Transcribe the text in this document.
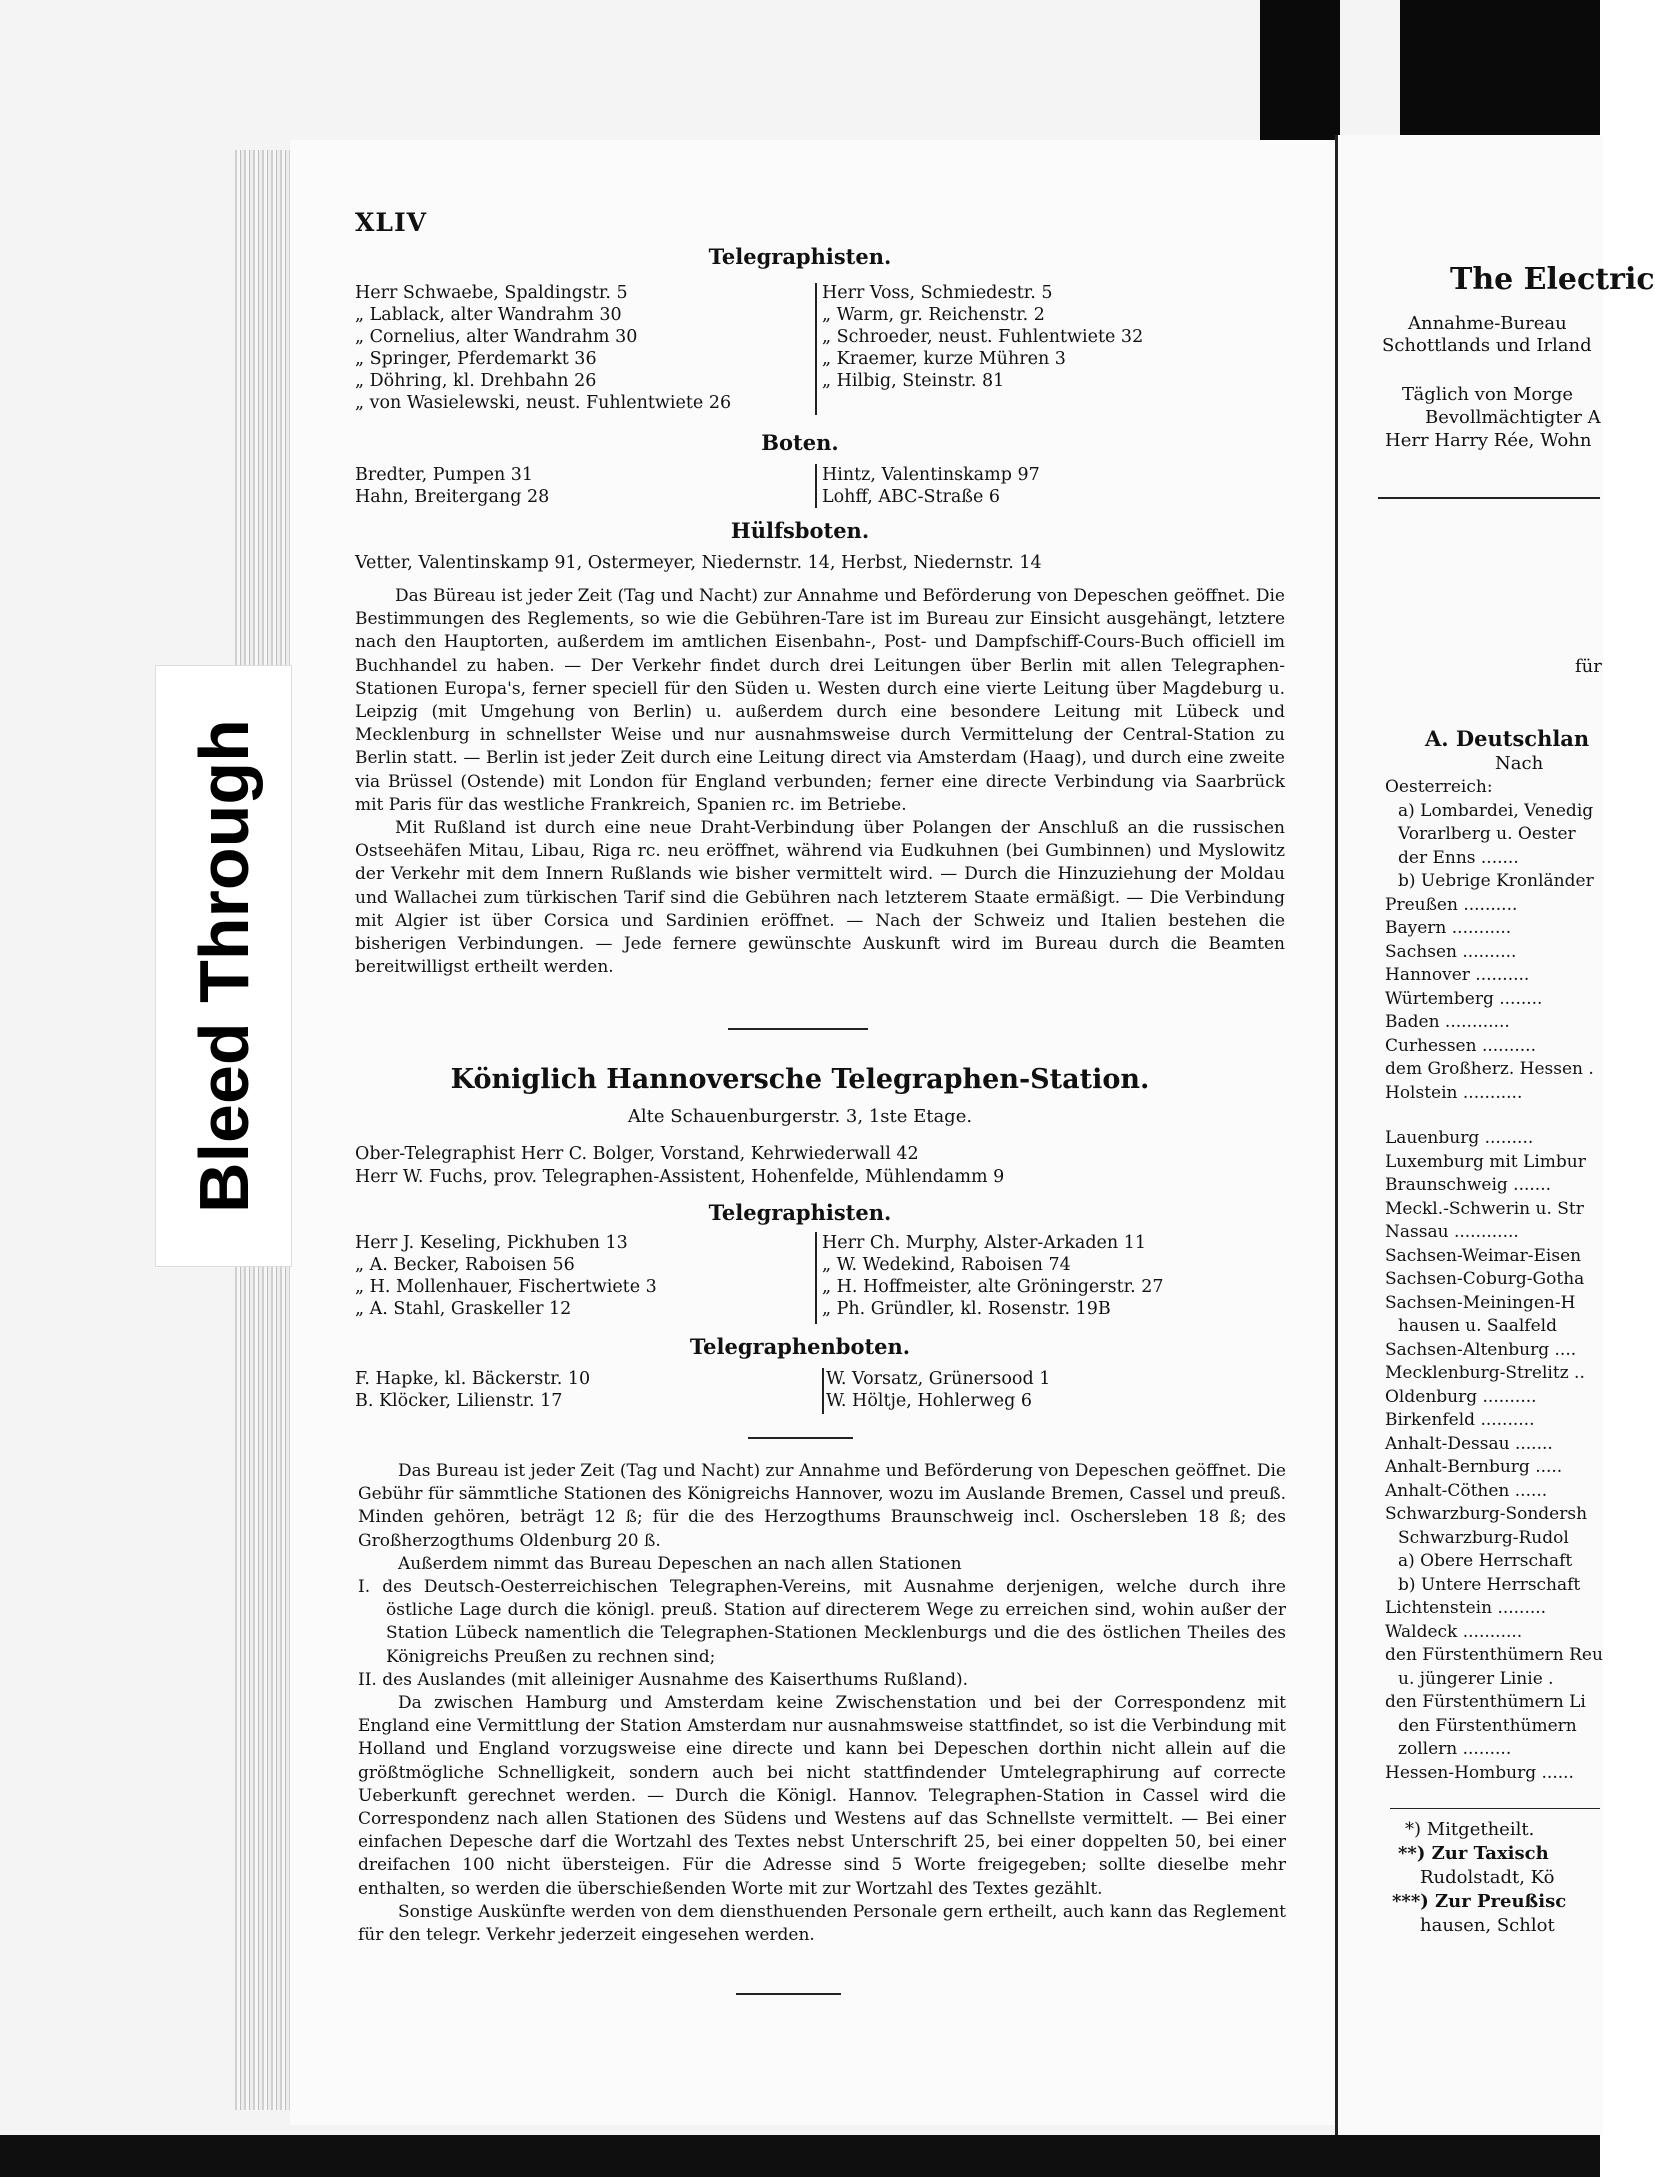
XLIV
Telegraphisten.
Herr Schwaebe, Spaldingstr. 5
„ Lablack, alter Wandrahm 30
„ Cornelius, alter Wandrahm 30
„ Springer, Pferdemarkt 36
„ Döhring, kl. Drehbahn 26
„ von Wasielewski, neust. Fuhlentwiete 26
Herr Voss, Schmiedestr. 5
„ Warm, gr. Reichenstr. 2
„ Schroeder, neust. Fuhlentwiete 32
„ Kraemer, kurze Mühren 3
„ Hilbig, Steinstr. 81
Boten.
Bredter, Pumpen 31
Hahn, Breitergang 28
Hintz, Valentinskamp 97
Lohff, ABC-Straße 6
Hülfsboten.
Vetter, Valentinskamp 91, Ostermeyer, Niedernstr. 14, Herbst, Niedernstr. 14

Das Büreau ist jeder Zeit (Tag und Nacht) zur Annahme und Beförderung von Depeschen geöffnet. Die Bestimmungen des Reglements, so wie die Gebühren-Tare ist im Bureau zur Einsicht ausgehängt, letztere nach den Hauptorten, außerdem im amtlichen Eisenbahn-, Post- und Dampfschiff-Cours-Buch officiell im Buchhandel zu haben. — Der Verkehr findet durch drei Leitungen über Berlin mit allen Telegraphen-Stationen Europa's, ferner speciell für den Süden u. Westen durch eine vierte Leitung über Magdeburg u. Leipzig (mit Umgehung von Berlin) u. außerdem durch eine besondere Leitung mit Lübeck und Mecklenburg in schnellster Weise und nur ausnahmsweise durch Vermittelung der Central-Station zu Berlin statt. — Berlin ist jeder Zeit durch eine Leitung direct via Amsterdam (Haag), und durch eine zweite via Brüssel (Ostende) mit London für England verbunden; ferner eine directe Verbindung via Saarbrück mit Paris für das westliche Frankreich, Spanien rc. im Betriebe.

Mit Rußland ist durch eine neue Draht-Verbindung über Polangen der Anschluß an die russischen Ostseehäfen Mitau, Libau, Riga rc. neu eröffnet, während via Eudkuhnen (bei Gumbinnen) und Myslowitz der Verkehr mit dem Innern Rußlands wie bisher vermittelt wird. — Durch die Hinzuziehung der Moldau und Wallachei zum türkischen Tarif sind die Gebühren nach letzterem Staate ermäßigt. — Die Verbindung mit Algier ist über Corsica und Sardinien eröffnet. — Nach der Schweiz und Italien bestehen die bisherigen Verbindungen. — Jede fernere gewünschte Auskunft wird im Bureau durch die Beamten bereitwilligst ertheilt werden.

Königlich Hannoversche Telegraphen-Station.
Alte Schauenburgerstr. 3, 1ste Etage.
Ober-Telegraphist Herr C. Bolger, Vorstand, Kehrwiederwall 42
Herr W. Fuchs, prov. Telegraphen-Assistent, Hohenfelde, Mühlendamm 9
Telegraphisten.
Herr J. Keseling, Pickhuben 13
„ A. Becker, Raboisen 56
„ H. Mollenhauer, Fischertwiete 3
„ A. Stahl, Graskeller 12
Herr Ch. Murphy, Alster-Arkaden 11
„ W. Wedekind, Raboisen 74
„ H. Hoffmeister, alte Gröningerstr. 27
„ Ph. Gründler, kl. Rosenstr. 19B
Telegraphenboten.
F. Hapke, kl. Bäckerstr. 10
B. Klöcker, Lilienstr. 17
W. Vorsatz, Grünersood 1
W. Höltje, Hohlerweg 6

Das Bureau ist jeder Zeit (Tag und Nacht) zur Annahme und Beförderung von Depeschen geöffnet. Die Gebühr für sämmtliche Stationen des Königreichs Hannover, wozu im Auslande Bremen, Cassel und preuß. Minden gehören, beträgt 12 ß; für die des Herzogthums Braunschweig incl. Oschersleben 18 ß; des Großherzogthums Oldenburg 20 ß.

Außerdem nimmt das Bureau Depeschen an nach allen Stationen

I. des Deutsch-Oesterreichischen Telegraphen-Vereins, mit Ausnahme derjenigen, welche durch ihre östliche Lage durch die königl. preuß. Station auf directerem Wege zu erreichen sind, wohin außer der Station Lübeck namentlich die Telegraphen-Stationen Mecklenburgs und die des östlichen Theiles des Königreichs Preußen zu rechnen sind;

II. des Auslandes (mit alleiniger Ausnahme des Kaiserthums Rußland).

Da zwischen Hamburg und Amsterdam keine Zwischenstation und bei der Correspondenz mit England eine Vermittlung der Station Amsterdam nur ausnahmsweise stattfindet, so ist die Verbindung mit Holland und England vorzugsweise eine directe und kann bei Depeschen dorthin nicht allein auf die größtmögliche Schnelligkeit, sondern auch bei nicht stattfindender Umtelegraphirung auf correcte Ueberkunft gerechnet werden. — Durch die Königl. Hannov. Telegraphen-Station in Cassel wird die Correspondenz nach allen Stationen des Südens und Westens auf das Schnellste vermittelt. — Bei einer einfachen Depesche darf die Wortzahl des Textes nebst Unterschrift 25, bei einer doppelten 50, bei einer dreifachen 100 nicht übersteigen. Für die Adresse sind 5 Worte freigegeben; sollte dieselbe mehr enthalten, so werden die überschießenden Worte mit zur Wortzahl des Textes gezählt.

Sonstige Auskünfte werden von dem diensthuenden Personale gern ertheilt, auch kann das Reglement für den telegr. Verkehr jederzeit eingesehen werden.

The Electric
Annahme-Bureau
Schottlands und Irland
Täglich von Morge
Bevollmächtigter A
Herr Harry Rée, Wohn
für
A. Deutschlan
Nach
Oesterreich:
a) Lombardei, Venedig
Vorarlberg u. Oester
der Enns .......
b) Uebrige Kronländer
Preußen ..........
Bayern ...........
Sachsen ..........
Hannover ..........
Würtemberg ........
Baden ............
Curhessen ..........
dem Großherz. Hessen .
Holstein ...........
Lauenburg .........
Luxemburg mit Limbur
Braunschweig .......
Meckl.-Schwerin u. Str
Nassau ............
Sachsen-Weimar-Eisen
Sachsen-Coburg-Gotha
Sachsen-Meiningen-H
hausen u. Saalfeld
Sachsen-Altenburg ....
Mecklenburg-Strelitz ..
Oldenburg ..........
Birkenfeld ..........
Anhalt-Dessau .......
Anhalt-Bernburg .....
Anhalt-Cöthen ......
Schwarzburg-Sondersh
Schwarzburg-Rudol
a) Obere Herrschaft
b) Untere Herrschaft
Lichtenstein .........
Waldeck ...........
den Fürstenthümern Reu
u. jüngerer Linie .
den Fürstenthümern Li
den Fürstenthümern
zollern .........
Hessen-Homburg ......
*) Mitgetheilt.
**) Zur Taxisch
Rudolstadt, Kö
***) Zur Preußisc
hausen, Schlot
Bleed Through
